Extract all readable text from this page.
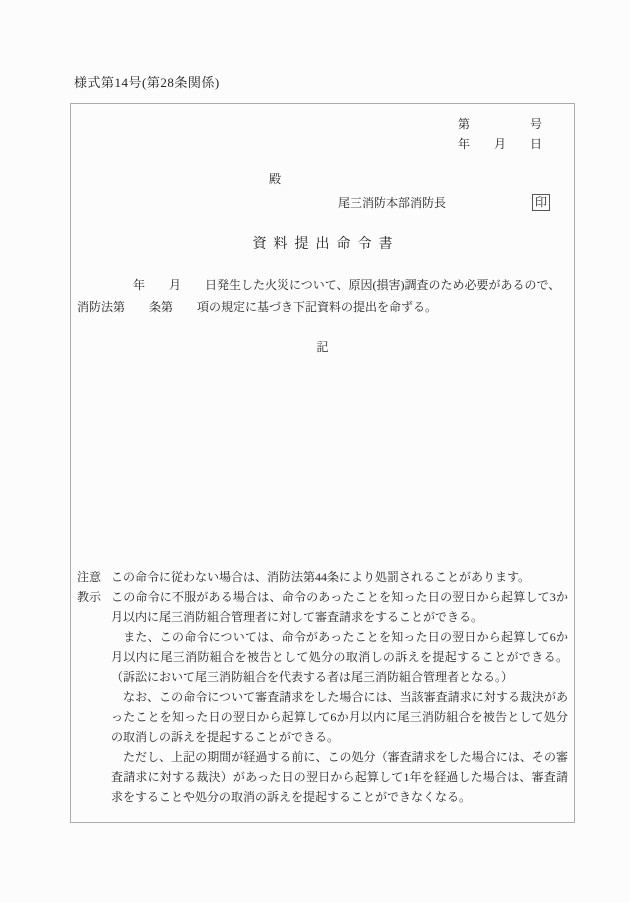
様式第14号(第28条関係)
第　　　　　号
年　　月　　日
殿
尾三消防本部消防長	印
資料提出命令書
年　　月　　日発生した火災について、原因(損害)調査のため必要があるので、
消防法第　　条第　　項の規定に基づき下記資料の提出を命ずる。
記
注意 この命令に従わない場合は、消防法第44条により処罰されることがあります。

教示 この命令に不服がある場合は、命令のあったことを知った日の翌日から起算して3か月以内に尾三消防組合管理者に対して審査請求をすることができる。

　また、この命令については、命令があったことを知った日の翌日から起算して6か月以内に尾三消防組合を被告として処分の取消しの訴えを提起することができる。（訴訟において尾三消防組合を代表する者は尾三消防組合管理者となる。）

　なお、この命令について審査請求をした場合には、当該審査請求に対する裁決があったことを知った日の翌日から起算して6か月以内に尾三消防組合を被告として処分の取消しの訴えを提起することができる。

　ただし、上記の期間が経過する前に、この処分（審査請求をした場合には、その審査請求に対する裁決）があった日の翌日から起算して1年を経過した場合は、審査請求をすることや処分の取消の訴えを提起することができなくなる。
